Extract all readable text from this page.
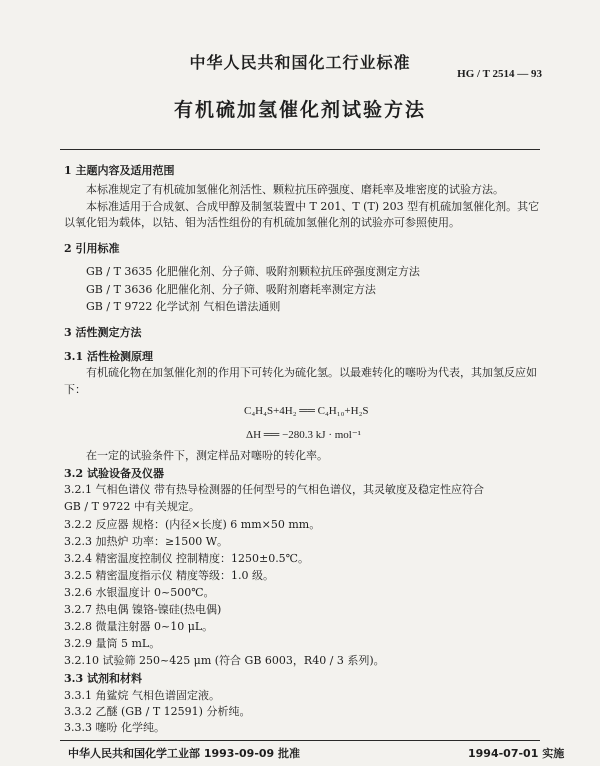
中华人民共和国化工行业标准
HG / T 2514 — 93
有机硫加氢催化剂试验方法
1 主题内容及适用范围
本标准规定了有机硫加氢催化剂活性、颗粒抗压碎强度、磨耗率及堆密度的试验方法。
本标准适用于合成氨、合成甲醇及制氢装置中 T 201、T (T) 203 型有机硫加氢催化剂。其它
以氧化铝为载体，以钴、钼为活性组份的有机硫加氢催化剂的试验亦可参照使用。
2 引用标准
GB / T 3635 化肥催化剂、分子筛、吸附剂颗粒抗压碎强度测定方法
GB / T 3636 化肥催化剂、分子筛、吸附剂磨耗率测定方法
GB / T 9722 化学试剂 气相色谱法通则
3 活性测定方法
3.1 活性检测原理
有机硫化物在加氢催化剂的作用下可转化为硫化氢。以最难转化的噻吩为代表，其加氢反应如
下：
C₄H₄S+4H₂ ══ C₄H₁₀+H₂S
ΔH ══ −280.3 kJ · mol⁻¹
在一定的试验条件下，测定样品对噻吩的转化率。
3.2 试验设备及仪器
3.2.1 气相色谱仪 带有热导检测器的任何型号的气相色谱仪，其灵敏度及稳定性应符合
GB / T 9722 中有关规定。
3.2.2 反应器 规格：(内径×长度) 6 mm×50 mm。
3.2.3 加热炉 功率：≥1500 W。
3.2.4 精密温度控制仪 控制精度：1250±0.5℃。
3.2.5 精密温度指示仪 精度等级：1.0 级。
3.2.6 水银温度计 0~500℃。
3.2.7 热电偶 镍铬-镍硅(热电偶)
3.2.8 微量注射器 0~10 μL。
3.2.9 量筒 5 mL。
3.2.10 试验筛 250~425 μm (符合 GB 6003，R40 / 3 系列)。
3.3 试剂和材料
3.3.1 角鲨烷 气相色谱固定液。
3.3.2 乙醚 (GB / T 12591) 分析纯。
3.3.3 噻吩 化学纯。
中华人民共和国化学工业部 1993-09-09 批准	1994-07-01 实施
